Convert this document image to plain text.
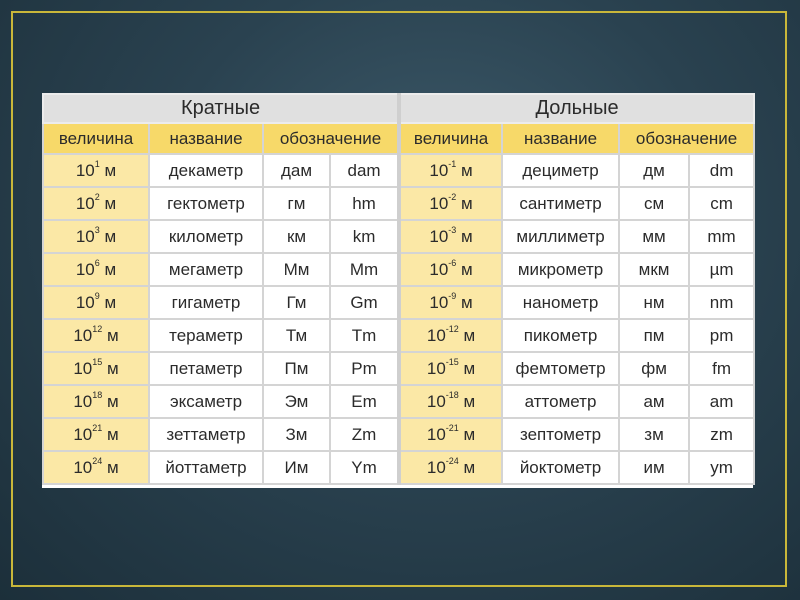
Кратные				Дольные			
величина	название	обозначение		величина	название	обозначение	
$10^1$ м	декаметр	дам	dam	$10^{-1}$ м	дециметр	дм	dm
$10^2$ м	гектометр	гм	hm	$10^{-2}$ м	сантиметр	см	cm
$10^3$ м	километр	км	km	$10^{-3}$ м	миллиметр	мм	mm
$10^6$ м	мегаметр	Мм	Mm	$10^{-6}$ м	микрометр	мкм	µm
$10^9$ м	гигаметр	Гм	Gm	$10^{-9}$ м	нанометр	нм	nm
$10^{12}$ м	тераметр	Тм	Tm	$10^{-12}$ м	пикометр	пм	pm
$10^{15}$ м	петаметр	Пм	Pm	$10^{-15}$ м	фемтометр	фм	fm
$10^{18}$ м	эксаметр	Эм	Em	$10^{-18}$ м	аттометр	ам	am
$10^{21}$ м	зеттаметр	Зм	Zm	$10^{-21}$ м	зептометр	зм	zm
$10^{24}$ м	йоттаметр	Им	Ym	$10^{-24}$ м	йоктометр	им	ym
